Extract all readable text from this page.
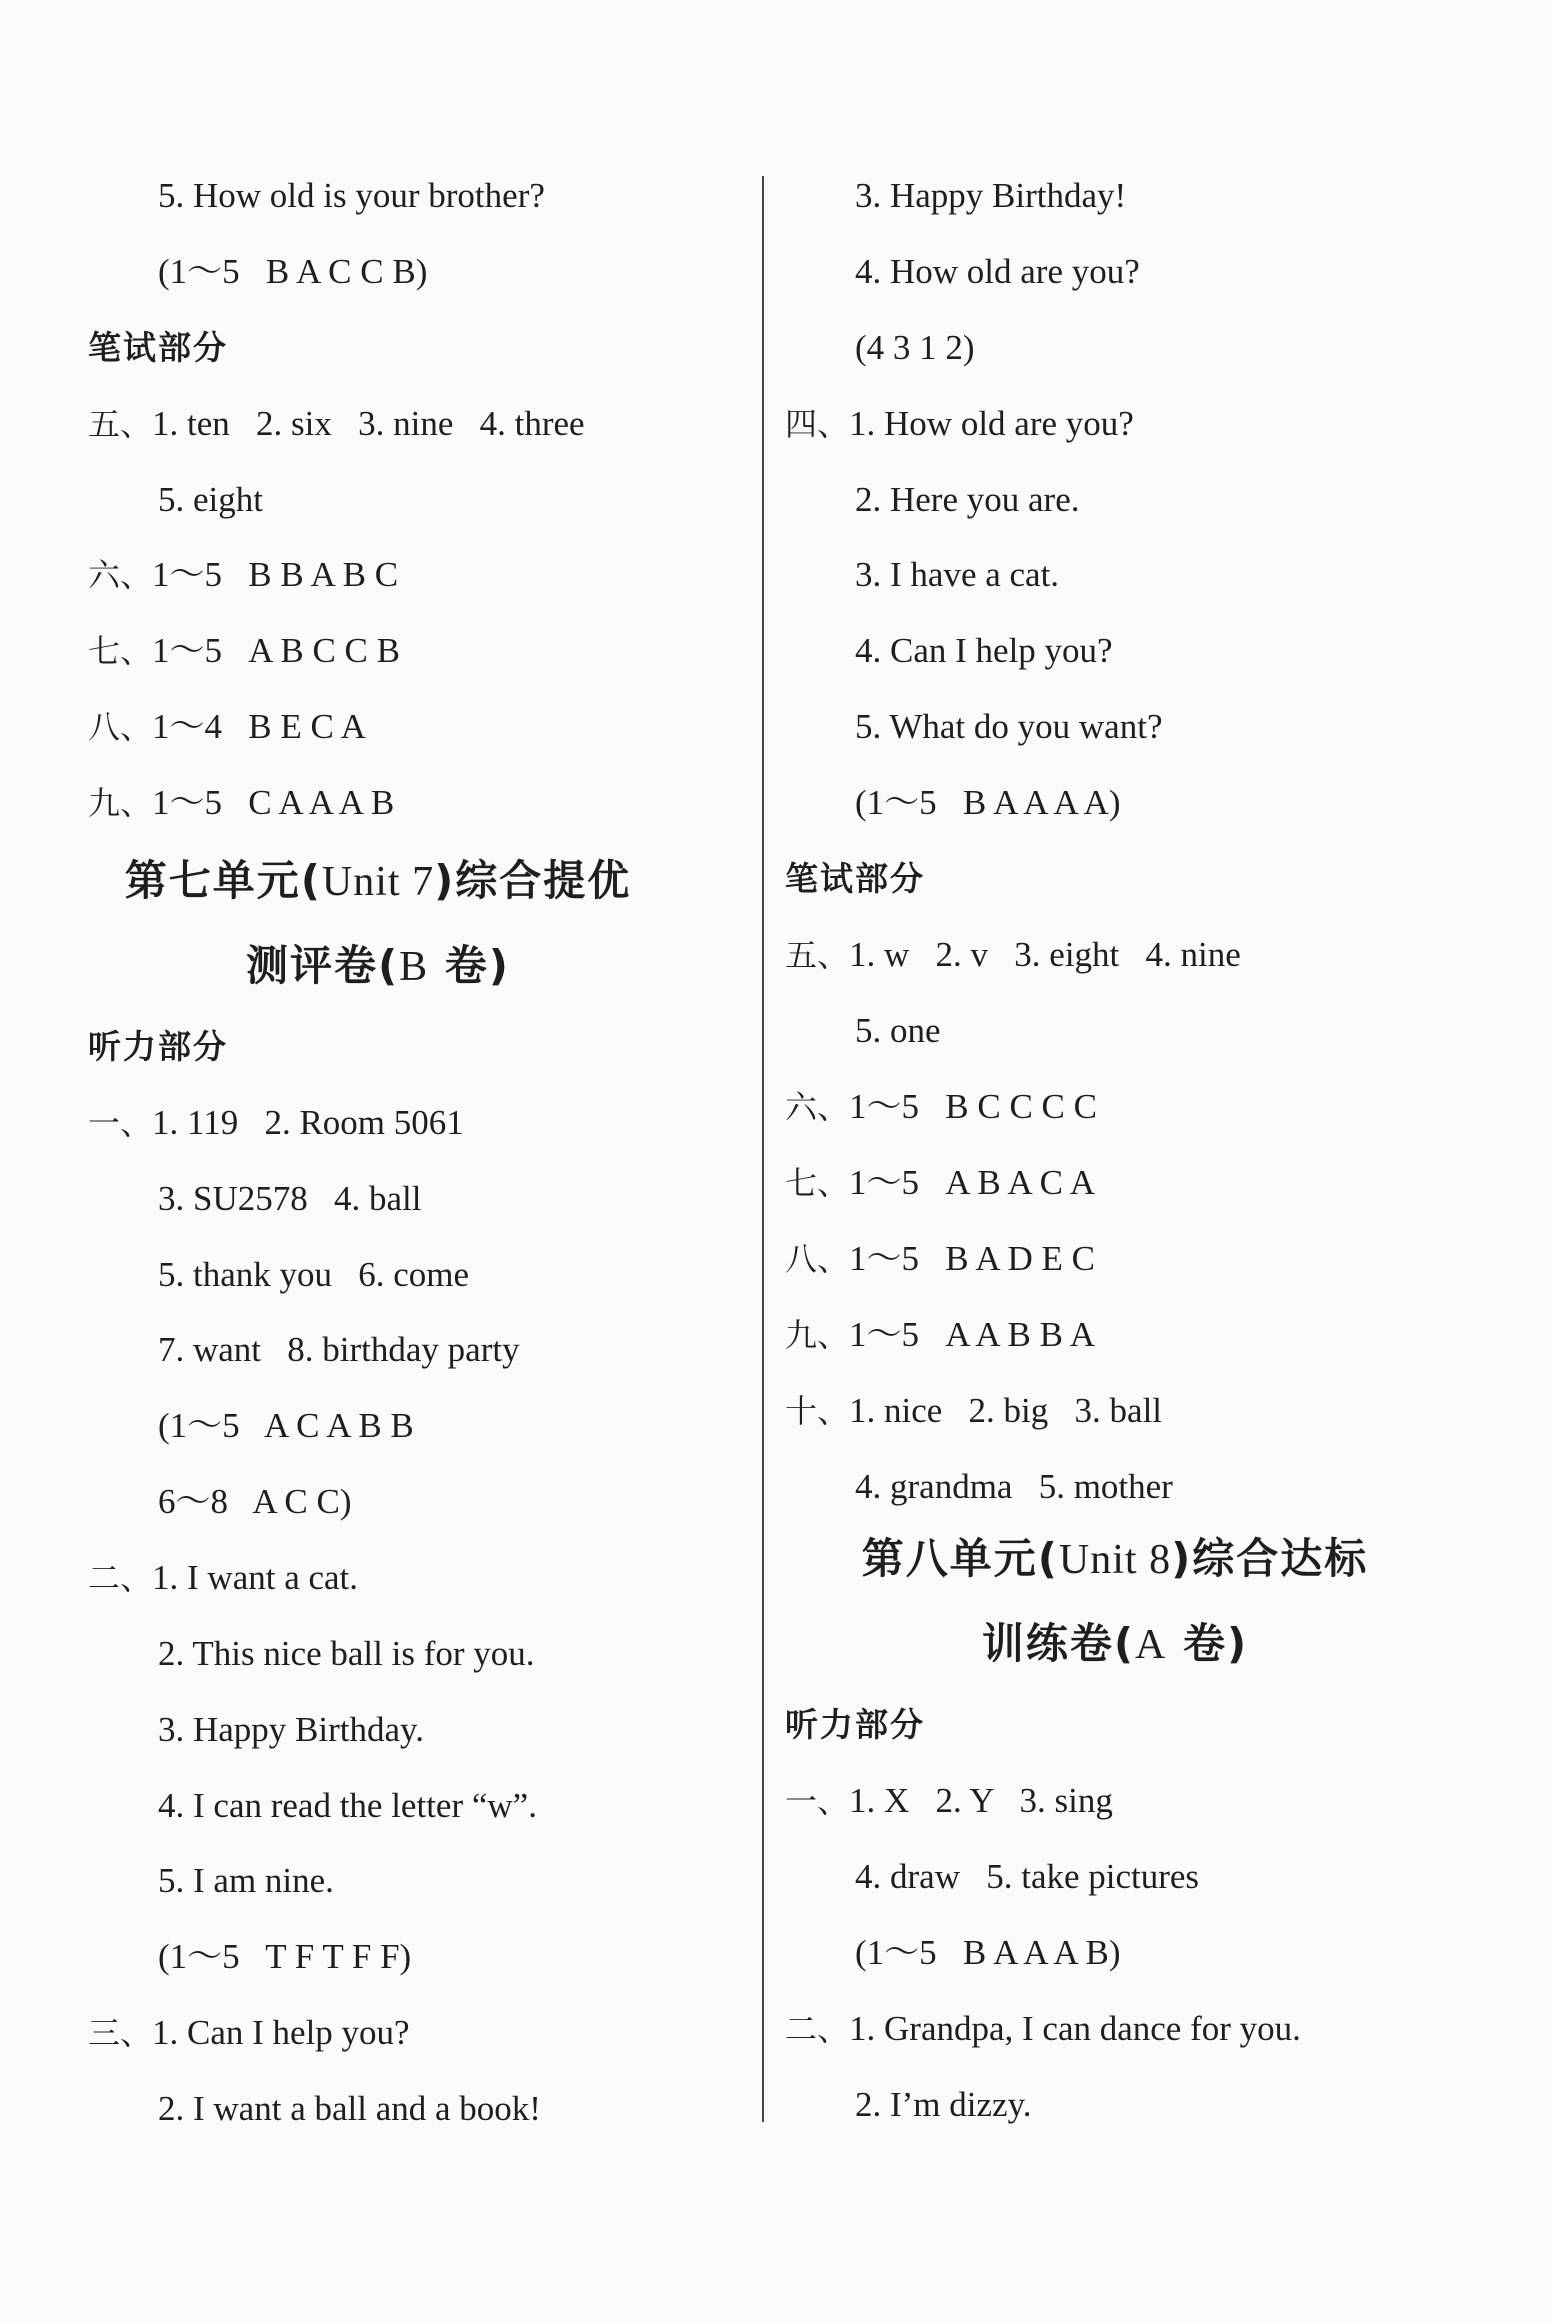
5. How old is your brother?
(1～5   B A C C B)
笔试部分
五、1. ten   2. six   3. nine   4. three
5. eight
六、1～5   B B A B C
七、1～5   A B C C B
八、1～4   B E C A
九、1～5   C A A A B
第七单元(Unit 7)综合提优
测评卷(B 卷)
听力部分
一、1. 119   2. Room 5061
3. SU2578   4. ball
5. thank you   6. come
7. want   8. birthday party
(1～5   A C A B B
6～8   A C C)
二、1. I want a cat.
2. This nice ball is for you.
3. Happy Birthday.
4. I can read the letter “w”.
5. I am nine.
(1～5   T F T F F)
三、1. Can I help you?
2. I want a ball and a book!
3. Happy Birthday!
4. How old are you?
(4 3 1 2)
四、1. How old are you?
2. Here you are.
3. I have a cat.
4. Can I help you?
5. What do you want?
(1～5   B A A A A)
笔试部分
五、1. w   2. v   3. eight   4. nine
5. one
六、1～5   B C C C C
七、1～5   A B A C A
八、1～5   B A D E C
九、1～5   A A B B A
十、1. nice   2. big   3. ball
4. grandma   5. mother
第八单元(Unit 8)综合达标
训练卷(A 卷)
听力部分
一、1. X   2. Y   3. sing
4. draw   5. take pictures
(1～5   B A A A B)
二、1. Grandpa, I can dance for you.
2. I’m dizzy.
